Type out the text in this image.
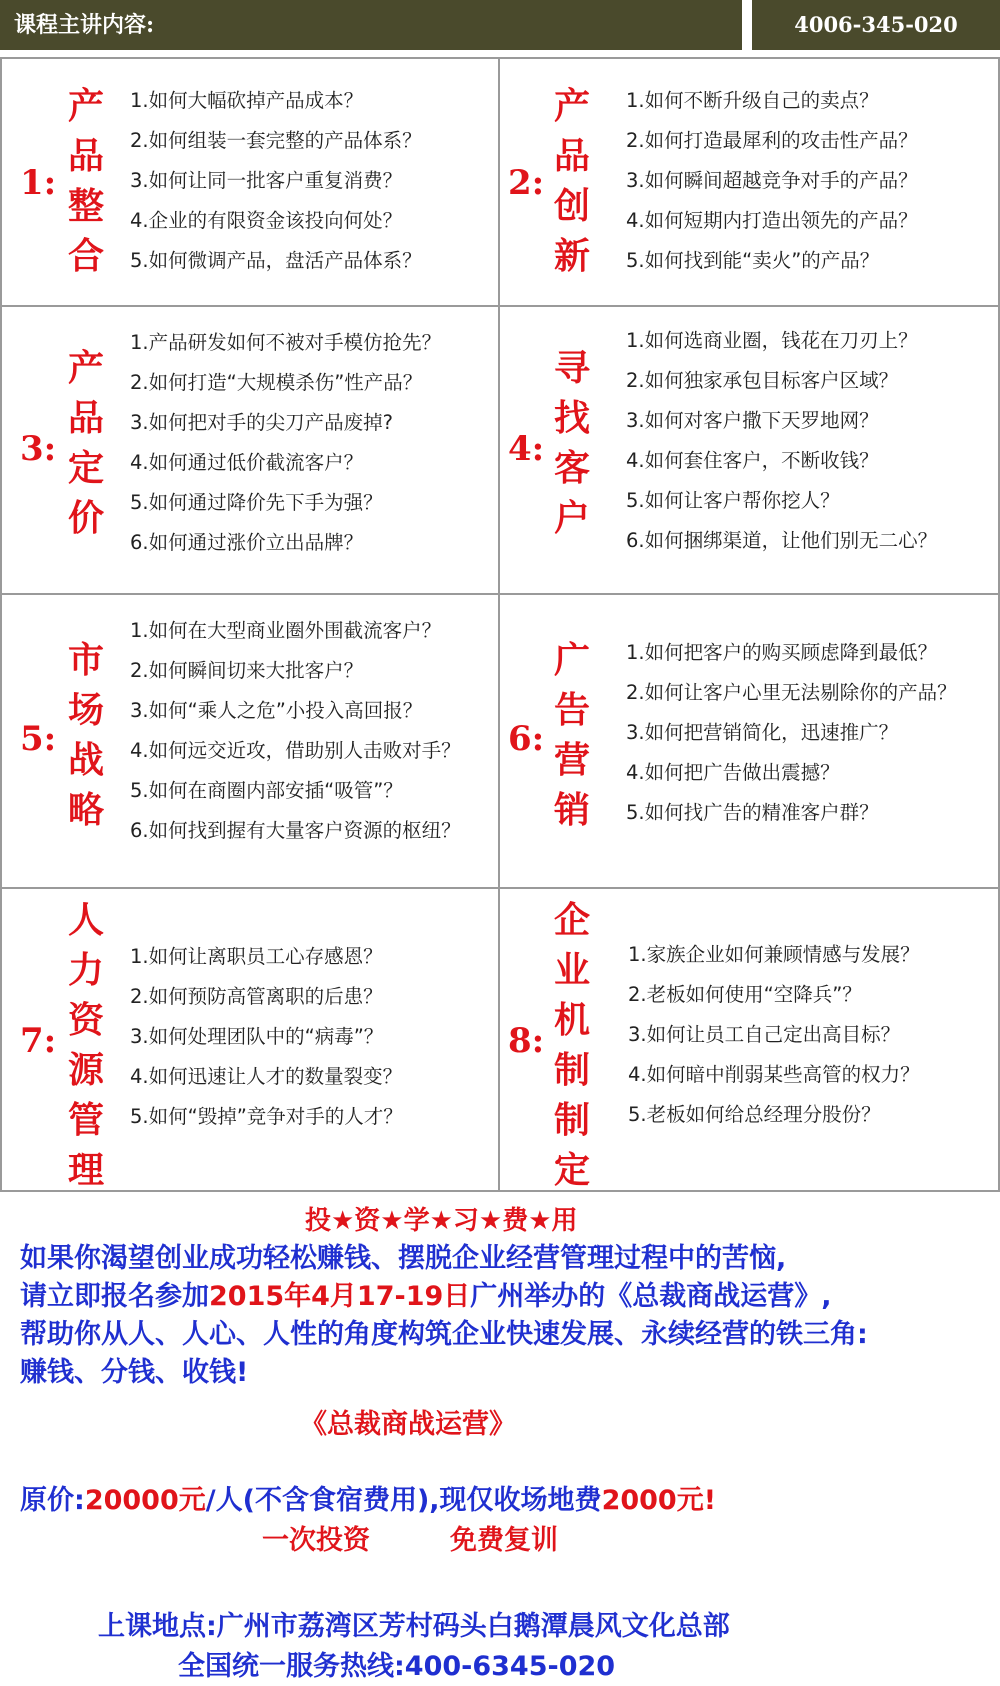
课程主讲内容:	4006-345-020
1:
产
品
整
合
1.如何大幅砍掉产品成本？
2.如何组装一套完整的产品体系？
3.如何让同一批客户重复消费？
4.企业的有限资金该投向何处？
5.如何微调产品，盘活产品体系？
2:
产
品
创
新
1.如何不断升级自己的卖点？
2.如何打造最犀利的攻击性产品？
3.如何瞬间超越竞争对手的产品？
4.如何短期内打造出领先的产品？
5.如何找到能“卖火”的产品？
3:
产
品
定
价
1.产品研发如何不被对手模仿抢先？
2.如何打造“大规模杀伤”性产品？
3.如何把对手的尖刀产品废掉?
4.如何通过低价截流客户？
5.如何通过降价先下手为强？
6.如何通过涨价立出品牌？
4:
寻
找
客
户
1.如何选商业圈，钱花在刀刃上？
2.如何独家承包目标客户区域？
3.如何对客户撒下天罗地网？
4.如何套住客户，不断收钱？
5.如何让客户帮你挖人？
6.如何捆绑渠道，让他们别无二心？
5:
市
场
战
略
1.如何在大型商业圈外围截流客户？
2.如何瞬间切来大批客户？
3.如何“乘人之危”小投入高回报？
4.如何远交近攻，借助别人击败对手？
5.如何在商圈内部安插“吸管”？
6.如何找到握有大量客户资源的枢纽？
6:
广
告
营
销
1.如何把客户的购买顾虑降到最低？
2.如何让客户心里无法剔除你的产品？
3.如何把营销简化，迅速推广？
4.如何把广告做出震撼？
5.如何找广告的精准客户群？
7:
人
力
资
源
管
理
1.如何让离职员工心存感恩？
2.如何预防高管离职的后患？
3.如何处理团队中的“病毒”？
4.如何迅速让人才的数量裂变？
5.如何“毁掉”竞争对手的人才？
8:
企
业
机
制
制
定
1.家族企业如何兼顾情感与发展？
2.老板如何使用“空降兵”？
3.如何让员工自己定出高目标？
4.如何暗中削弱某些高管的权力？
5.老板如何给总经理分股份？
投★资★学★习★费★用
如果你渴望创业成功轻松赚钱、摆脱企业经营管理过程中的苦恼,
请立即报名参加2015年4月17-19日广州举办的《总裁商战运营》,
帮助你从人、人心、人性的角度构筑企业快速发展、永续经营的铁三角:
赚钱、分钱、收钱!
《总裁商战运营》
原价:20000元/人(不含食宿费用),现仅收场地费2000元!
一次投资	免费复训
上课地点:广州市荔湾区芳村码头白鹅潭晨风文化总部
全国统一服务热线:400-6345-020
